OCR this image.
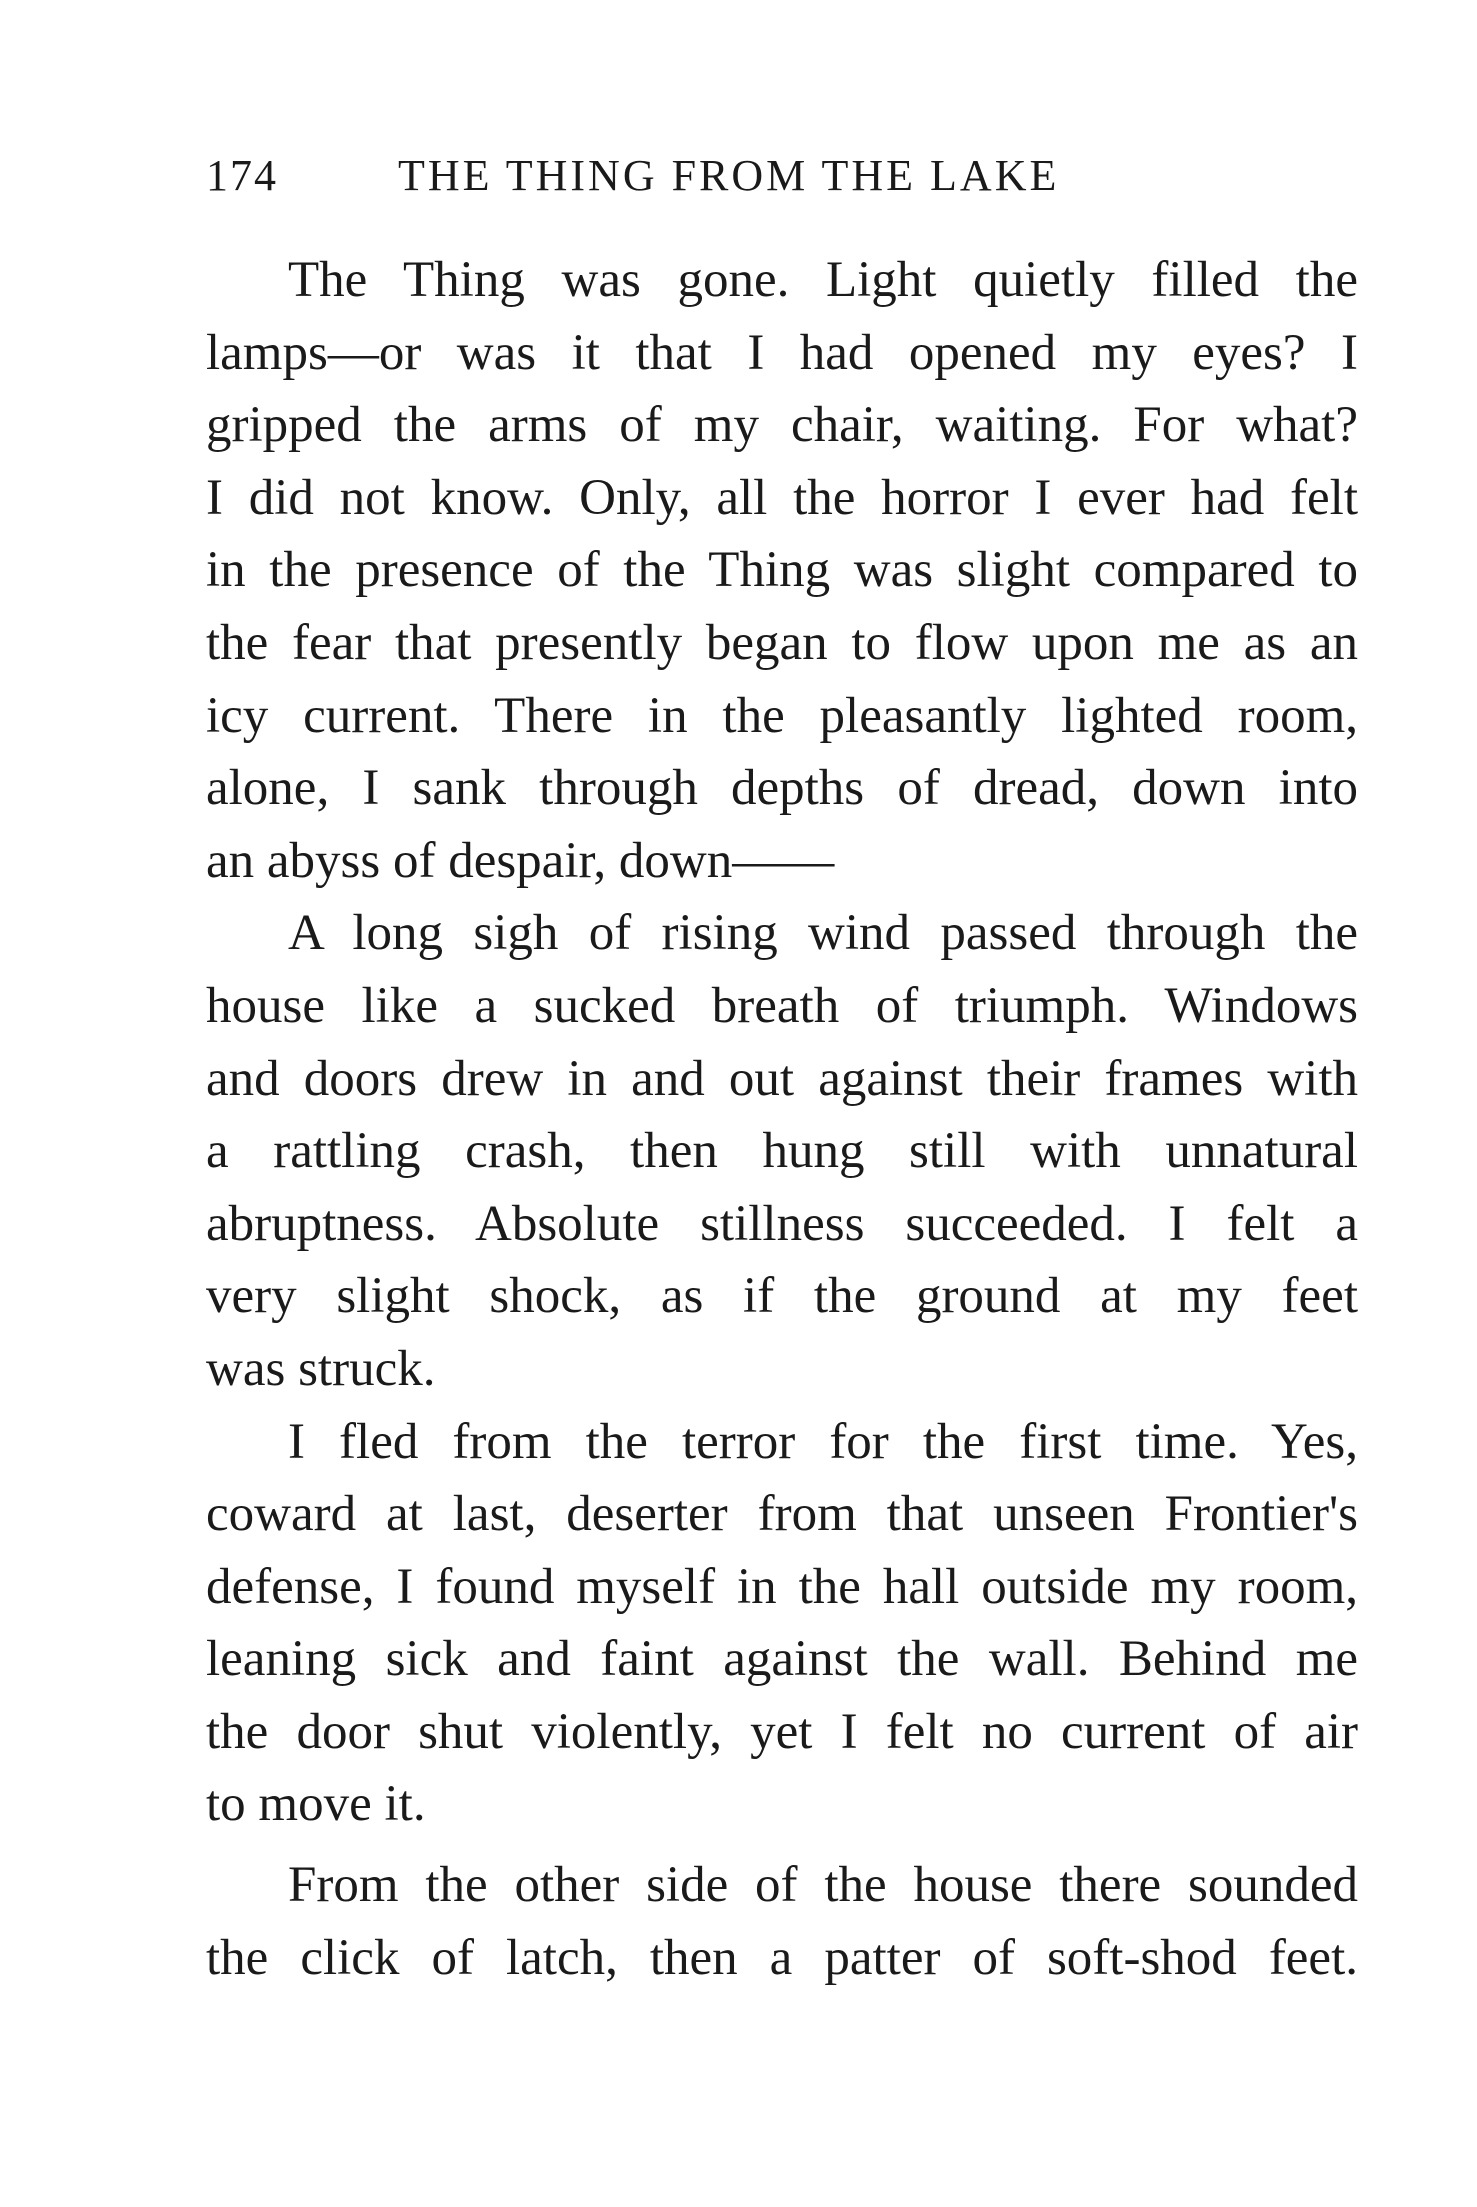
174	THE THING FROM THE LAKE
The Thing was gone. Light quietly filled the
lamps—or was it that I had opened my eyes? I
gripped the arms of my chair, waiting. For what?
I did not know. Only, all the horror I ever had felt
in the presence of the Thing was slight compared to
the fear that presently began to flow upon me as an
icy current. There in the pleasantly lighted room,
alone, I sank through depths of dread, down into
an abyss of despair, down——
A long sigh of rising wind passed through the
house like a sucked breath of triumph. Windows
and doors drew in and out against their frames with
a rattling crash, then hung still with unnatural
abruptness. Absolute stillness succeeded. I felt a
very slight shock, as if the ground at my feet
was struck.
I fled from the terror for the first time. Yes,
coward at last, deserter from that unseen Frontier's
defense, I found myself in the hall outside my room,
leaning sick and faint against the wall. Behind me
the door shut violently, yet I felt no current of air
to move it.
From the other side of the house there sounded
the click of latch, then a patter of soft-shod feet.
